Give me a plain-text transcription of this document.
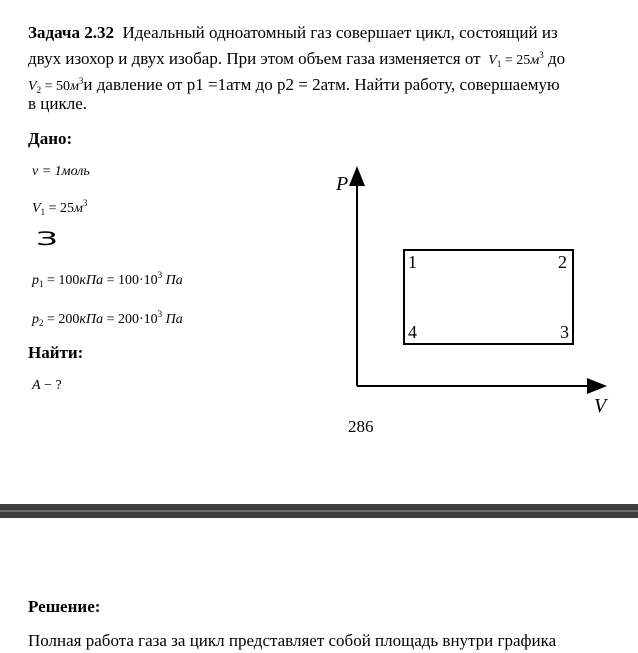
Задача 2.32 Идеальный одноатомный газ совершает цикл, состоящий из
двух изохор и двух изобар. При этом объем газа изменяется от $V_1 = 25м^3$ до
$V_2 = 50м^3и$ давление от p1 =1атм до p2 = 2атм. Найти работу, совершаемую
в цикле.
Дано:
ν = 1моль
$V_1 = 25м^3$
З
$p_1 = 100кПа = 100\cdot 10^3$ Па
$p_2 = 200кПа = 200\cdot 10^3$ Па
Найти:
A − ?
P
V
1	2
3
4
286
Решение:
Полная работа газа за цикл представляет собой площадь внутри графика
